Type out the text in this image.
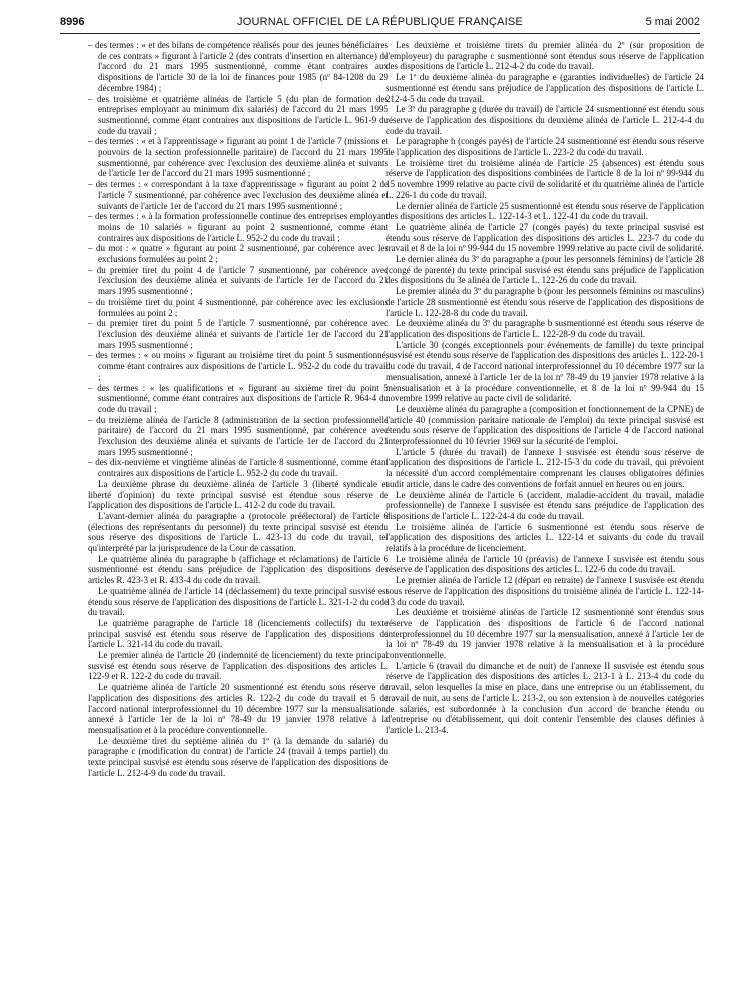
8996	JOURNAL OFFICIEL DE LA RÉPUBLIQUE FRANÇAISE	5 mai 2002
– des termes : « et des bilans de compétence réalisés pour des jeunes bénéficiaires de ces contrats » figurant à l'article 2 (des contrats d'insertion en alternance) de l'accord du 21 mars 1995 susmentionné, comme étant contraires aux dispositions de l'article 30 de la loi de finances pour 1985 (nº 84-1208 du 29 décembre 1984) ;
– des troisième et quatrième alinéas de l'article 5 (du plan de formation des entreprises employant au minimum dix salariés) de l'accord du 21 mars 1995 susmentionné, comme étant contraires aux dispositions de l'article L. 961-9 du code du travail ;
– des termes : « et à l'apprentissage » figurant au point 1 de l'article 7 (missions et pouvoirs de la section professionnelle paritaire) de l'accord du 21 mars 1995 susmentionné, par cohérence avec l'exclusion des deuxième alinéa et suivants de l'article 1er de l'accord du 21 mars 1995 susmentionné ;
– des termes : « correspondant à la taxe d'apprentissage » figurant au point 2 de l'article 7 susmentionné, par cohérence avec l'exclusion des deuxième alinéa et suivants de l'article 1er de l'accord du 21 mars 1995 susmentionné ;
– des termes : « à la formation professionnelle continue des entreprises employant moins de 10 salariés » figurant au point 2 susmentionné, comme étant contraires aux dispositions de l'article L. 952-2 du code du travail ;
– du mot : « quatre » figurant au point 2 susmentionné, par cohérence avec les exclusions formulées au point 2 ;
– du premier tiret du point 4 de l'article 7 susmentionné, par cohérence avec l'exclusion des deuxième alinéa et suivants de l'article 1er de l'accord du 21 mars 1995 susmentionné ;
– du troisième tiret du point 4 susmentionné, par cohérence avec les exclusions formulées au point 2 ;
– du premier tiret du point 5 de l'article 7 susmentionné, par cohérence avec l'exclusion des deuxième alinéa et suivants de l'article 1er de l'accord du 21 mars 1995 susmentionné ;
– des termes : « ou moins » figurant au troisième tiret du point 5 susmentionné, comme étant contraires aux dispositions de l'article L. 952-2 du code du travail ;
– des termes : « les qualifications et » figurant au sixième tiret du point 5 susmentionné, comme étant contraires aux dispositions de l'article R. 964-4 du code du travail ;
– du treizième alinéa de l'article 8 (administration de la section professionnelle paritaire) de l'accord du 21 mars 1995 susmentionné, par cohérence avec l'exclusion des deuxième alinéa et suivants de l'article 1er de l'accord du 21 mars 1995 susmentionné ;
– des dix-neuvième et vingtième alinéas de l'article 8 susmentionné, comme étant contraires aux dispositions de l'article L. 952-2 du code du travail.

La deuxième phrase du deuxième alinéa de l'article 3 (liberté syndicale et liberté d'opinion) du texte principal susvisé est étendue sous réserve de l'application des dispositions de l'article L. 412-2 du code du travail.

L'avant-dernier alinéa du paragraphe a (protocole préélectoral) de l'article 6 (élections des représentants du personnel) du texte principal susvisé est étendu sous réserve des dispositions de l'article L. 423-13 du code du travail, tel qu'interprété par la jurisprudence de la Cour de cassation.

Le quatrième alinéa du paragraphe b (affichage et réclamations) de l'article 6 susmentionné est étendu sans préjudice de l'application des dispositions des articles R. 423-3 et R. 433-4 du code du travail.

Le quatrième alinéa de l'article 14 (déclassement) du texte principal susvisé est étendu sous réserve de l'application des dispositions de l'article L. 321-1-2 du code du travail.

Le quatrième paragraphe de l'article 18 (licenciements collectifs) du texte principal susvisé est étendu sous réserve de l'application des dispositions de l'article L. 321-14 du code du travail.

Le premier alinéa de l'article 20 (indemnité de licenciement) du texte principal susvisé est étendu sous réserve de l'application des dispositions des articles L. 122-9 et R. 122-2 du code du travail.

Le quatrième alinéa de l'article 20 susmentionné est étendu sous réserve de l'application des dispositions des articles R. 122-2 du code du travail et 5 de l'accord national interprofessionnel du 10 décembre 1977 sur la mensualisation, annexé à l'article 1er de la loi nº 78-49 du 19 janvier 1978 relative à la mensualisation et à la procédure conventionnelle.

Le deuxième tiret du septième alinéa du 1º (à la demande du salarié) du paragraphe c (modification du contrat) de l'article 24 (travail à temps partiel) du texte principal susvisé est étendu sous réserve de l'application des dispositions de l'article L. 212-4-9 du code du travail.

Les deuxième et troisième tirets du premier alinéa du 2º (sur proposition de l'employeur) du paragraphe c susmentionné sont étendus sous réserve de l'application des dispositions de l'article L. 212-4-2 du code du travail.

Le 1º du deuxième alinéa du paragraphe e (garanties individuelles) de l'article 24 susmentionné est étendu sans préjudice de l'application des dispositions de l'article L. 212-4-5 du code du travail.

Le 3º du paragraphe g (durée du travail) de l'article 24 susmentionné est étendu sous réserve de l'application des dispositions du deuxième alinéa de l'article L. 212-4-4 du code du travail.

Le paragraphe h (congés payés) de l'article 24 susmentionné est étendu sous réserve de l'application des dispositions de l'article L. 223-2 du code du travail.

Le troisième tiret du troisième alinéa de l'article 25 (absences) est étendu sous réserve de l'application des dispositions combinées de l'article 8 de la loi nº 99-944 du 15 novembre 1999 relative au pacte civil de solidarité et du quatrième alinéa de l'article L. 226-1 du code du travail.

Le dernier alinéa de l'article 25 susmentionné est étendu sous réserve de l'application des dispositions des articles L. 122-14-3 et L. 122-41 du code du travail.

Le quatrième alinéa de l'article 27 (congés payés) du texte principal susvisé est étendu sous réserve de l'application des dispositions des articles L. 223-7 du code du travail et 8 de la loi nº 99-944 du 15 novembre 1999 relative au pacte civil de solidarité.

Le dernier alinéa du 3º du paragraphe a (pour les personnels féminins) de l'article 28 (congé de parenté) du texte principal susvisé est étendu sans préjudice de l'application des dispositions du 3e alinéa de l'article L. 122-26 du code du travail.

Le premier alinéa du 3º du paragraphe b (pour les personnels féminins ou masculins) de l'article 28 susmentionné est étendu sous réserve de l'application des dispositions de l'article L. 122-28-8 du code du travail.

Le deuxième alinéa du 3º du paragraphe b susmentionné est étendu sous réserve de l'application des dispositions de l'article L. 122-28-9 du code du travail.

L'article 30 (congés exceptionnels pour événements de famille) du texte principal susvisé est étendu sous réserve de l'application des dispositions des articles L. 122-20-1 du code du travail, 4 de l'accord national interprofessionnel du 10 décembre 1977 sur la mensualisation, annexé à l'article 1er de la loi nº 78-49 du 19 janvier 1978 relative à la mensualisation et à la procédure conventionnelle, et 8 de la loi nº 99-944 du 15 novembre 1999 relative au pacte civil de solidarité.

Le deuxième alinéa du paragraphe a (composition et fonctionnement de la CPNE) de l'article 40 (commission paritaire nationale de l'emploi) du texte principal susvisé est étendu sous réserve de l'application des dispositions de l'article 4 de l'accord national interprofessionnel du 10 février 1969 sur la sécurité de l'emploi.

L'article 5 (durée du travail) de l'annexe I susvisée est étendu sous réserve de l'application des dispositions de l'article L. 212-15-3 du code du travail, qui prévoient la nécessité d'un accord complémentaire comprenant les clauses obligatoires définies audit article, dans le cadre des conventions de forfait annuel en heures ou en jours.

Le deuxième alinéa de l'article 6 (accident, maladie-accident du travail, maladie professionnelle) de l'annexe I susvisée est étendu sans préjudice de l'application des dispositions de l'article L. 122-24-4 du code du travail.

Le troisième alinéa de l'article 6 susmentionné est étendu sous réserve de l'application des dispositions des articles L. 122-14 et suivants du code du travail relatifs à la procédure de licenciement.

Le troisième alinéa de l'article 10 (préavis) de l'annexe I susvisée est étendu sous réserve de l'application des dispositions des articles L. 122-6 du code du travail.

Le premier alinéa de l'article 12 (départ en retraite) de l'annexe I susvisée est étendu sous réserve de l'application des dispositions du troisième alinéa de l'article L. 122-14-13 du code du travail.

Les deuxième et troisième alinéas de l'article 12 susmentionné sont étendus sous réserve de l'application des dispositions de l'article 6 de l'accord national interprofessionnel du 10 décembre 1977 sur la mensualisation, annexé à l'article 1er de la loi nº 78-49 du 19 janvier 1978 relative à la mensualisation et à la procédure conventionnelle.

L'article 6 (travail du dimanche et de nuit) de l'annexe II susvisée est étendu sous réserve de l'application des dispositions des articles L. 213-1 à L. 213-4 du code du travail, selon lesquelles la mise en place, dans une entreprise ou un établissement, du travail de nuit, au sens de l'article L. 213-2, ou son extension à de nouvelles catégories de salariés, est subordonnée à la conclusion d'un accord de branche étendu ou d'entreprise ou d'établissement, qui doit contenir l'ensemble des clauses définies à l'article L. 213-4.
